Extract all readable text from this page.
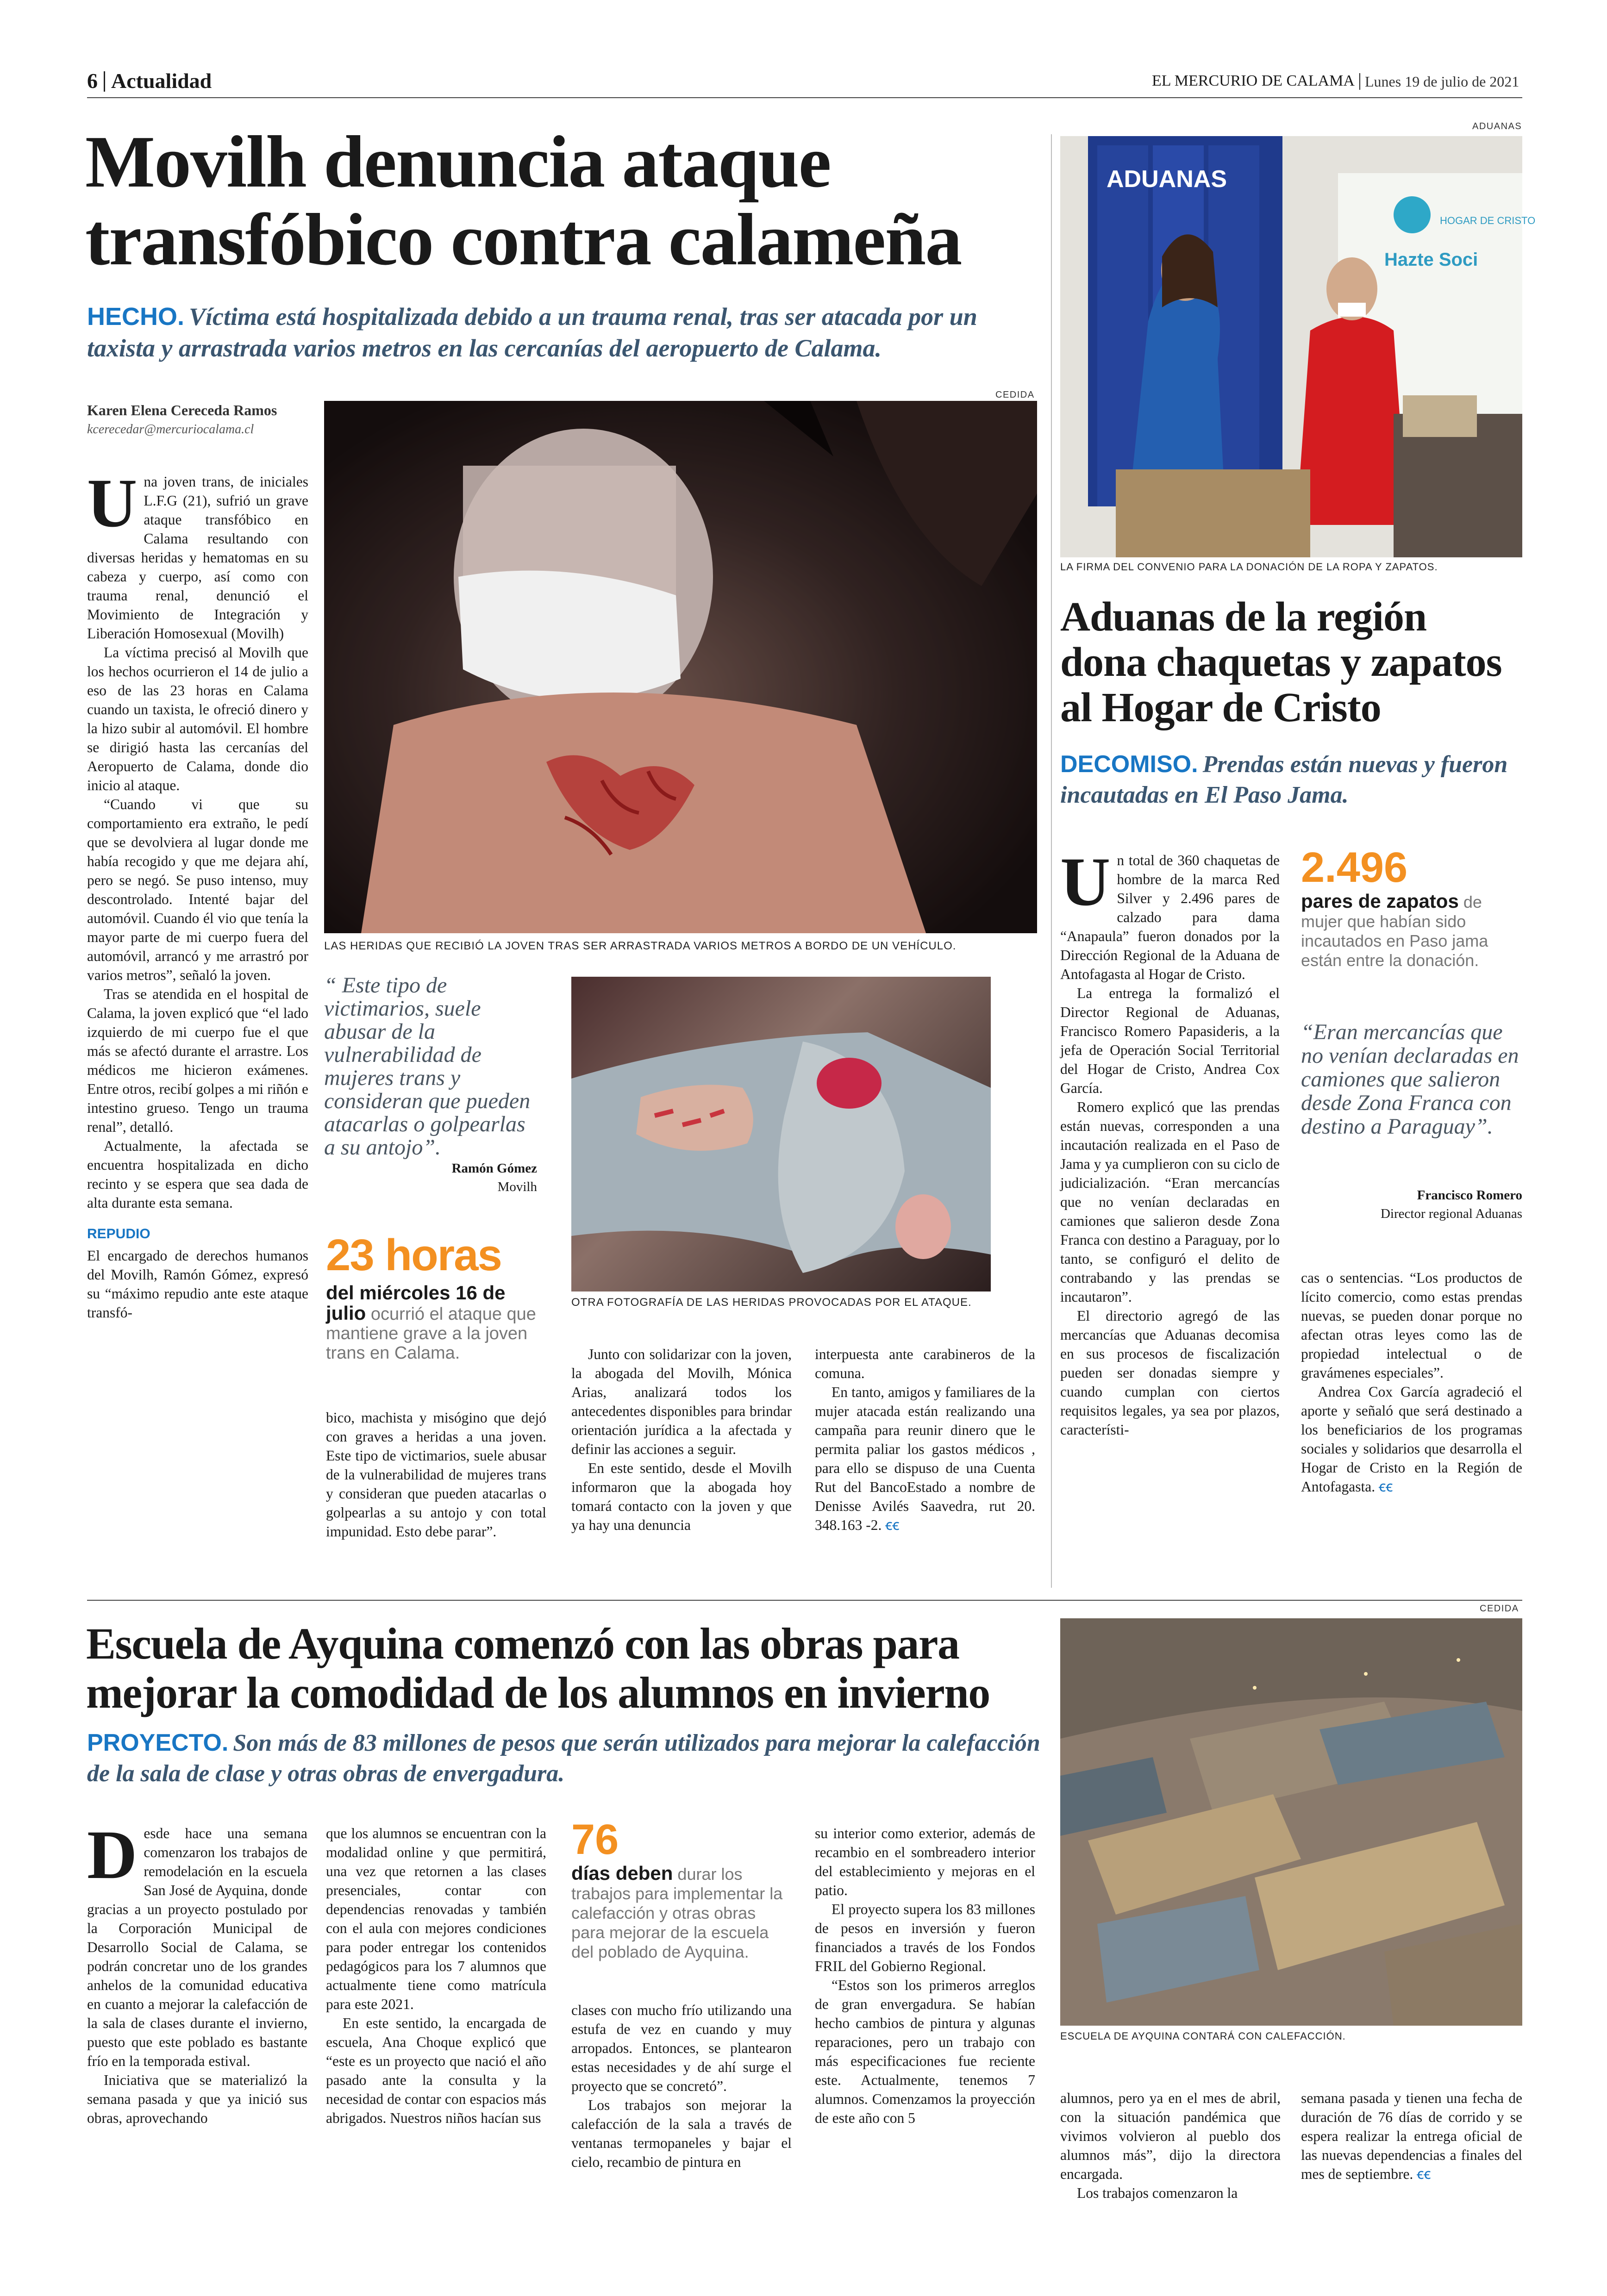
6 Actualidad	EL MERCURIO DE CALAMA Lunes 19 de julio de 2021
Movilh denuncia ataque
transfóbico contra calameña
HECHO. Víctima está hospitalizada debido a un trauma renal, tras ser atacada por un taxista y arrastrada varios metros en las cercanías del aeropuerto de Calama.
Karen Elena Cereceda Ramos
kcerecedar@mercuriocalama.cl

Una joven trans, de iniciales L.F.G (21), sufrió un grave ataque transfóbico en Calama resultando con diversas heridas y hematomas en su cabeza y cuerpo, así como con trauma renal, denunció el Movimiento de Integración y Liberación Homosexual (Movilh)

La víctima precisó al Movilh que los hechos ocurrieron el 14 de julio a eso de las 23 horas en Calama cuando un taxista, le ofreció dinero y la hizo subir al automóvil. El hombre se dirigió hasta las cercanías del Aeropuerto de Calama, donde dio inicio al ataque.

“Cuando vi que su comportamiento era extraño, le pedí que se devolviera al lugar donde me había recogido y que me dejara ahí, pero se negó. Se puso intenso, muy descontrolado. Intenté bajar del automóvil. Cuando él vio que tenía la mayor parte de mi cuerpo fuera del automóvil, arrancó y me arrastró por varios metros”, señaló la joven.

Tras se atendida en el hospital de Calama, la joven explicó que “el lado izquierdo de mi cuerpo fue el que más se afectó durante el arrastre. Los médicos me hicieron exámenes. Entre otros, recibí golpes a mi riñón e intestino grueso. Tengo un trauma renal”, detalló.

Actualmente, la afectada se encuentra hospitalizada en dicho recinto y se espera que sea dada de alta durante esta semana.

REPUDIO

El encargado de derechos humanos del Movilh, Ramón Gómez, expresó su “máximo repudio ante este ataque transfó-

CEDIDA
LAS HERIDAS QUE RECIBIÓ LA JOVEN TRAS SER ARRASTRADA VARIOS METROS A BORDO DE UN VEHÍCULO.
“ Este tipo de victimarios, suele abusar de la vulnerabilidad de mujeres trans y consideran que pueden atacarlas o golpearlas a su antojo”.
Ramón Gómez
Movilh
23 horas
del miércoles 16 de julio ocurrió el ataque que mantiene grave a la joven trans en Calama.
OTRA FOTOGRAFÍA DE LAS HERIDAS PROVOCADAS POR EL ATAQUE.

bico, machista y misógino que dejó con graves a heridas a una joven. Este tipo de victimarios, suele abusar de la vulnerabilidad de mujeres trans y consideran que pueden atacarlas o golpearlas a su antojo y con total impunidad. Esto debe parar”.

Junto con solidarizar con la joven, la abogada del Movilh, Mónica Arias, analizará todos los antecedentes disponibles para brindar orientación jurídica a la afectada y definir las acciones a seguir.

En este sentido, desde el Movilh informaron que la abogada hoy tomará contacto con la joven y que ya hay una denuncia

interpuesta ante carabineros de la comuna.

En tanto, amigos y familiares de la mujer atacada están realizando una campaña para reunir dinero que le permita paliar los gastos médicos , para ello se dispuso de una Cuenta Rut del BancoEstado a nombre de Denisse Avilés Saavedra, rut 20. 348.163 -2. ꞓꞓ

ADUANAS
ADUANAS
Hazte Soci
HOGAR DE CRISTO
LA FIRMA DEL CONVENIO PARA LA DONACIÓN DE LA ROPA Y ZAPATOS.
Aduanas de la región
dona chaquetas y zapatos
al Hogar de Cristo
DECOMISO. Prendas están nuevas y fueron incautadas en El Paso Jama.

Un total de 360 chaquetas de hombre de la marca Red Silver y 2.496 pares de calzado para dama “Anapaula” fueron donados por la Dirección Regional de la Aduana de Antofagasta al Hogar de Cristo.

La entrega la formalizó el Director Regional de Aduanas, Francisco Romero Papasideris, a la jefa de Operación Social Territorial del Hogar de Cristo, Andrea Cox García.

Romero explicó que las prendas están nuevas, corresponden a una incautación realizada en el Paso de Jama y ya cumplieron con su ciclo de judicialización. “Eran mercancías que no venían declaradas en camiones que salieron desde Zona Franca con destino a Paraguay, por lo tanto, se configuró el delito de contrabando y las prendas se incautaron”.

El directorio agregó de las mercancías que Aduanas decomisa en sus procesos de fiscalización pueden ser donadas siempre y cuando cumplan con ciertos requisitos legales, ya sea por plazos, característi-

2.496
pares de zapatos de mujer que habían sido incautados en Paso jama están entre la donación.
“Eran mercancías que no venían declaradas en camiones que salieron desde Zona Franca con destino a Paraguay”.
Francisco Romero
Director regional Aduanas

cas o sentencias. “Los productos de lícito comercio, como estas prendas nuevas, se pueden donar porque no afectan otras leyes como las de propiedad intelectual o de gravámenes especiales”.

Andrea Cox García agradeció el aporte y señaló que será destinado a los beneficiarios de los programas sociales y solidarios que desarrolla el Hogar de Cristo en la Región de Antofagasta. ꞓꞓ

Escuela de Ayquina comenzó con las obras para
mejorar la comodidad de los alumnos en invierno
PROYECTO. Son más de 83 millones de pesos que serán utilizados para mejorar la calefacción de la sala de clase y otras obras de envergadura.
CEDIDA
ESCUELA DE AYQUINA CONTARÁ CON CALEFACCIÓN.

Desde hace una semana comenzaron los trabajos de remodelación en la escuela San José de Ayquina, donde gracias a un proyecto postulado por la Corporación Municipal de Desarrollo Social de Calama, se podrán concretar uno de los grandes anhelos de la comunidad educativa en cuanto a mejorar la calefacción de la sala de clases durante el invierno, puesto que este poblado es bastante frío en la temporada estival.

Iniciativa que se materializó la semana pasada y que ya inició sus obras, aprovechando

que los alumnos se encuentran con la modalidad online y que permitirá, una vez que retornen a las clases presenciales, contar con dependencias renovadas y también con el aula con mejores condiciones para poder entregar los contenidos pedagógicos para los 7 alumnos que actualmente tiene como matrícula para este 2021.

En este sentido, la encargada de escuela, Ana Choque explicó que “este es un proyecto que nació el año pasado ante la consulta y la necesidad de contar con espacios más abrigados. Nuestros niños hacían sus

76
días deben durar los trabajos para implementar la calefacción y otras obras para mejorar de la escuela del poblado de Ayquina.

clases con mucho frío utilizando una estufa de vez en cuando y muy arropados. Entonces, se plantearon estas necesidades y de ahí surge el proyecto que se concretó”.

Los trabajos son mejorar la calefacción de la sala a través de ventanas termopaneles y bajar el cielo, recambio de pintura en

su interior como exterior, además de recambio en el sombreadero interior del establecimiento y mejoras en el patio.

El proyecto supera los 83 millones de pesos en inversión y fueron financiados a través de los Fondos FRIL del Gobierno Regional.

“Estos son los primeros arreglos de gran envergadura. Se habían hecho cambios de pintura y algunas reparaciones, pero un trabajo con más especificaciones fue reciente este. Actualmente, tenemos 7 alumnos. Comenzamos la proyección de este año con 5

alumnos, pero ya en el mes de abril, con la situación pandémica que vivimos volvieron al pueblo dos alumnos más”, dijo la directora encargada.

Los trabajos comenzaron la

semana pasada y tienen una fecha de duración de 76 días de corrido y se espera realizar la entrega oficial de las nuevas dependencias a finales del mes de septiembre. ꞓꞓ
